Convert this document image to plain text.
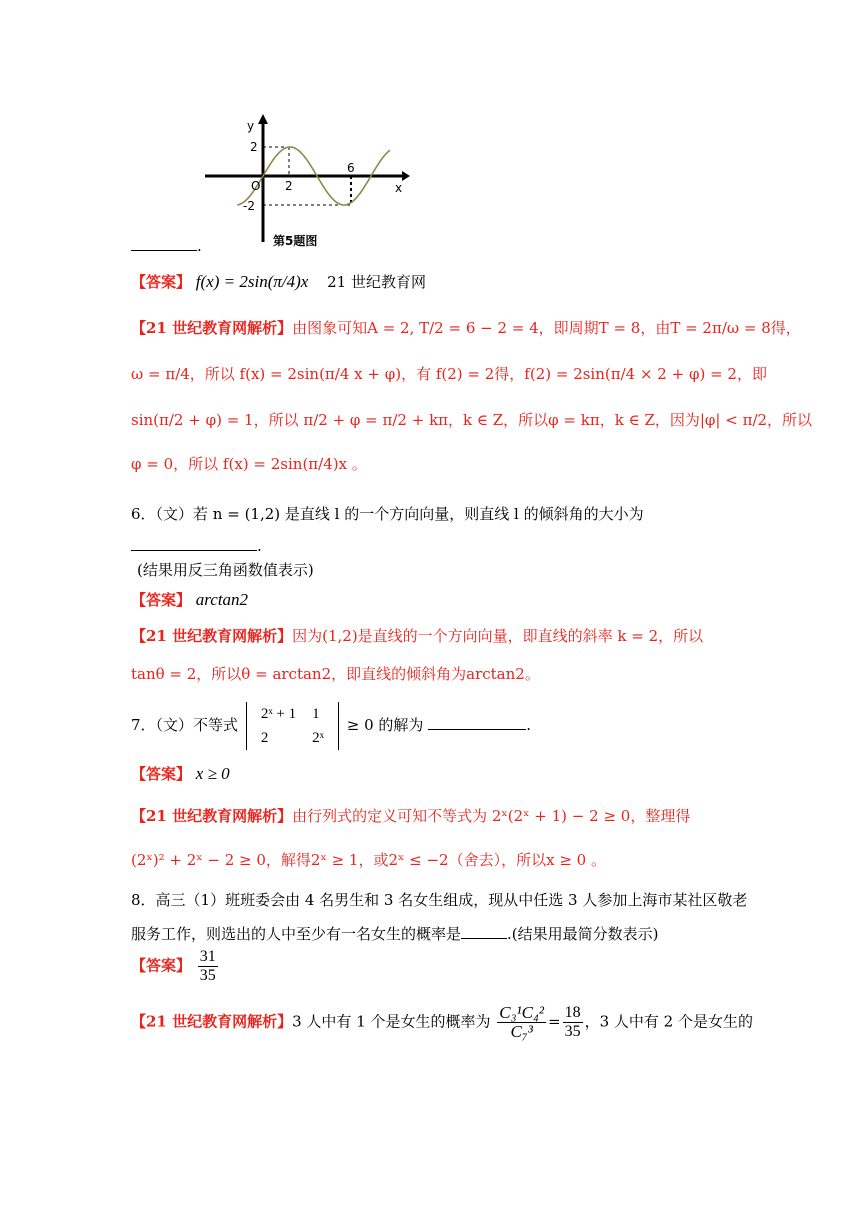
y
x
O 2
6
2
-2
第5题图
.
【答案】 f(x) = 2sin(π/4)x 21 世纪教育网
【21 世纪教育网解析】由图象可知A = 2, T/2 = 6 − 2 = 4，即周期T = 8，由T = 2π/ω = 8得，
ω = π/4，所以 f(x) = 2sin(π/4 x + φ)，有 f(2) = 2得，f(2) = 2sin(π/4 × 2 + φ) = 2，即
sin(π/2 + φ) = 1，所以 π/2 + φ = π/2 + kπ，k ∈ Z，所以φ = kπ，k ∈ Z，因为|φ| < π/2，所以
φ = 0，所以 f(x) = 2sin(π/4)x 。
6．（文）若 n = (1,2) 是直线 l 的一个方向向量，则直线 l 的倾斜角的大小为
.
(结果用反三角函数值表示)
【答案】 arctan2
【21 世纪教育网解析】因为(1,2)是直线的一个方向向量，即直线的斜率 k = 2，所以
tanθ = 2，所以θ = arctan2，即直线的倾斜角为arctan2。
7．（文）不等式
2ˣ + 1	1
2	2ˣ
≥ 0 的解为	.
【答案】 x ≥ 0
【21 世纪教育网解析】由行列式的定义可知不等式为 2ˣ(2ˣ + 1) − 2 ≥ 0，整理得
(2ˣ)² + 2ˣ − 2 ≥ 0，解得2ˣ ≥ 1，或2ˣ ≤ −2（舍去），所以x ≥ 0 。
8．高三（1）班班委会由 4 名男生和 3 名女生组成，现从中任选 3 人参加上海市某社区敬老
服务工作，则选出的人中至少有一名女生的概率是	.(结果用最简分数表示)
【答案】 $\frac{31}{35}$
【21 世纪教育网解析】3 人中有 1 个是女生的概率为 $\frac{\text{C₃¹C₄²}}{\text{C₇³}} = \frac{18}{35}$ ，3 人中有 2 个是女生的
